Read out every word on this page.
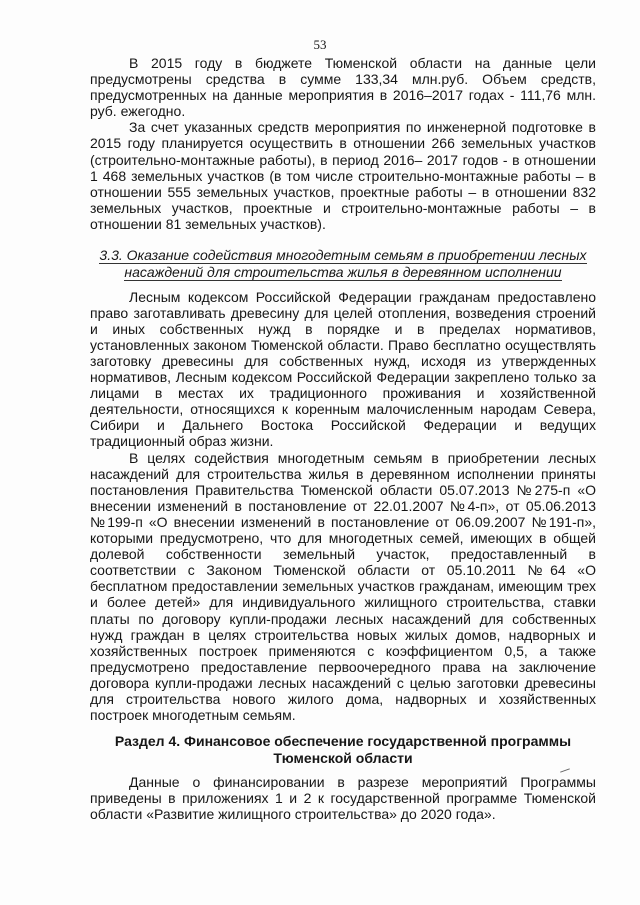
53

В 2015 году в бюджете Тюменской области на данные цели предусмотрены средства в сумме 133,34 млн.руб. Объем средств, предусмотренных на данные мероприятия в 2016–2017 годах - 111,76 млн. руб. ежегодно.

За счет указанных средств мероприятия по инженерной подготовке в 2015 году планируется осуществить в отношении 266 земельных участков (строительно-монтажные работы), в период 2016– 2017 годов - в отношении 1 468 земельных участков (в том числе строительно-монтажные работы – в отношении 555 земельных участков, проектные работы – в отношении 832 земельных участков, проектные и строительно-монтажные работы – в отношении 81 земельных участков).

3.3. Оказание содействия многодетным семьям в приобретении лесных насаждений для строительства жилья в деревянном исполнении

Лесным кодексом Российской Федерации гражданам предоставлено право заготавливать древесину для целей отопления, возведения строений и иных собственных нужд в порядке и в пределах нормативов, установленных законом Тюменской области. Право бесплатно осуществлять заготовку древесины для собственных нужд, исходя из утвержденных нормативов, Лесным кодексом Российской Федерации закреплено только за лицами в местах их традиционного проживания и хозяйственной деятельности, относящихся к коренным малочисленным народам Севера, Сибири и Дальнего Востока Российской Федерации и ведущих традиционный образ жизни.

В целях содействия многодетным семьям в приобретении лесных насаждений для строительства жилья в деревянном исполнении приняты постановления Правительства Тюменской области 05.07.2013 №275-п «О внесении изменений в постановление от 22.01.2007 №4-п», от 05.06.2013 №199-п «О внесении изменений в постановление от 06.09.2007 №191-п», которыми предусмотрено, что для многодетных семей, имеющих в общей долевой собственности земельный участок, предоставленный в соответствии с Законом Тюменской области от 05.10.2011 №64 «О бесплатном предоставлении земельных участков гражданам, имеющим трех и более детей» для индивидуального жилищного строительства, ставки платы по договору купли-продажи лесных насаждений для собственных нужд граждан в целях строительства новых жилых домов, надворных и хозяйственных построек применяются с коэффициентом 0,5, а также предусмотрено предоставление первоочередного права на заключение договора купли-продажи лесных насаждений с целью заготовки древесины для строительства нового жилого дома, надворных и хозяйственных построек многодетным семьям.

Раздел 4. Финансовое обеспечение государственной программы Тюменской области

Данные о финансировании в разрезе мероприятий Программы приведены в приложениях 1 и 2 к государственной программе Тюменской области «Развитие жилищного строительства» до 2020 года».
